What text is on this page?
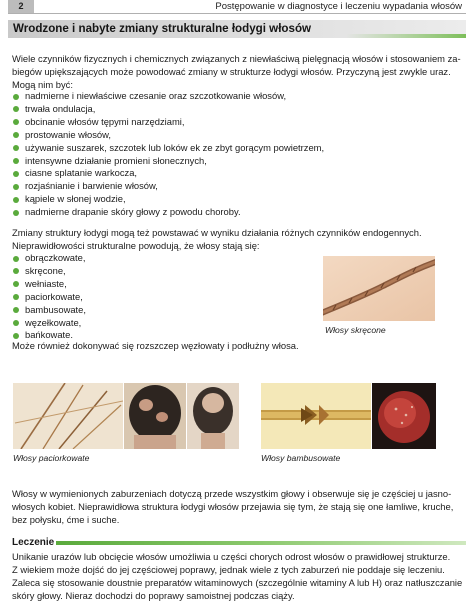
2	Postępowanie w diagnostyce i leczeniu wypadania włosów
Wrodzone i nabyte zmiany strukturalne łodygi włosów

Wiele czynników fizycznych i chemicznych związanych z niewłaściwą pielęgnacją włosów i stosowaniem za-

biegów upiększających może powodować zmiany w strukturze łodygi włosów. Przyczyną jest zwykle uraz.

Mogą nim być:

nadmierne i niewłaściwe czesanie oraz szczotkowanie włosów,
trwała ondulacja,
obcinanie włosów tępymi narzędziami,
prostowanie włosów,
używanie suszarek, szczotek lub loków ek ze zbyt gorącym powietrzem,
intensywne działanie promieni słonecznych,
ciasne splatanie warkocza,
rozjaśnianie i barwienie włosów,
kąpiele w słonej wodzie,
nadmierne drapanie skóry głowy z powodu choroby.

Zmiany struktury łodygi mogą też powstawać w wyniku działania różnych czynników endogennych.

Nieprawidłowości strukturalne powodują, że włosy stają się:

obrączkowate,
skręcone,
wełniaste,
paciorkowate,
bambusowate,
węzełkowate,
bańkowate.

Może również dokonywać się rozszczep węzłowaty i podłużny włosa.

Włosy skręcone
Włosy paciorkowate	Włosy bambusowate

Włosy w wymienionych zaburzeniach dotyczą przede wszystkim głowy i obserwuje się je częściej u jasno-

włosych kobiet. Nieprawidłowa struktura łodygi włosów przejawia się tym, że stają się one łamliwe, kruche,

bez połysku, ćme i suche.

Leczenie

Unikanie urazów lub obcięcie włosów umożliwia u części chorych odrost włosów o prawidłowej strukturze.

Z wiekiem może dojść do jej częściowej poprawy, jednak wiele z tych zaburzeń nie poddaje się leczeniu.

Zaleca się stosowanie doustnie preparatów witaminowych (szczególnie witaminy A lub H) oraz natłuszczanie

skóry głowy. Nieraz dochodzi do poprawy samoistnej podczas ciąży.
